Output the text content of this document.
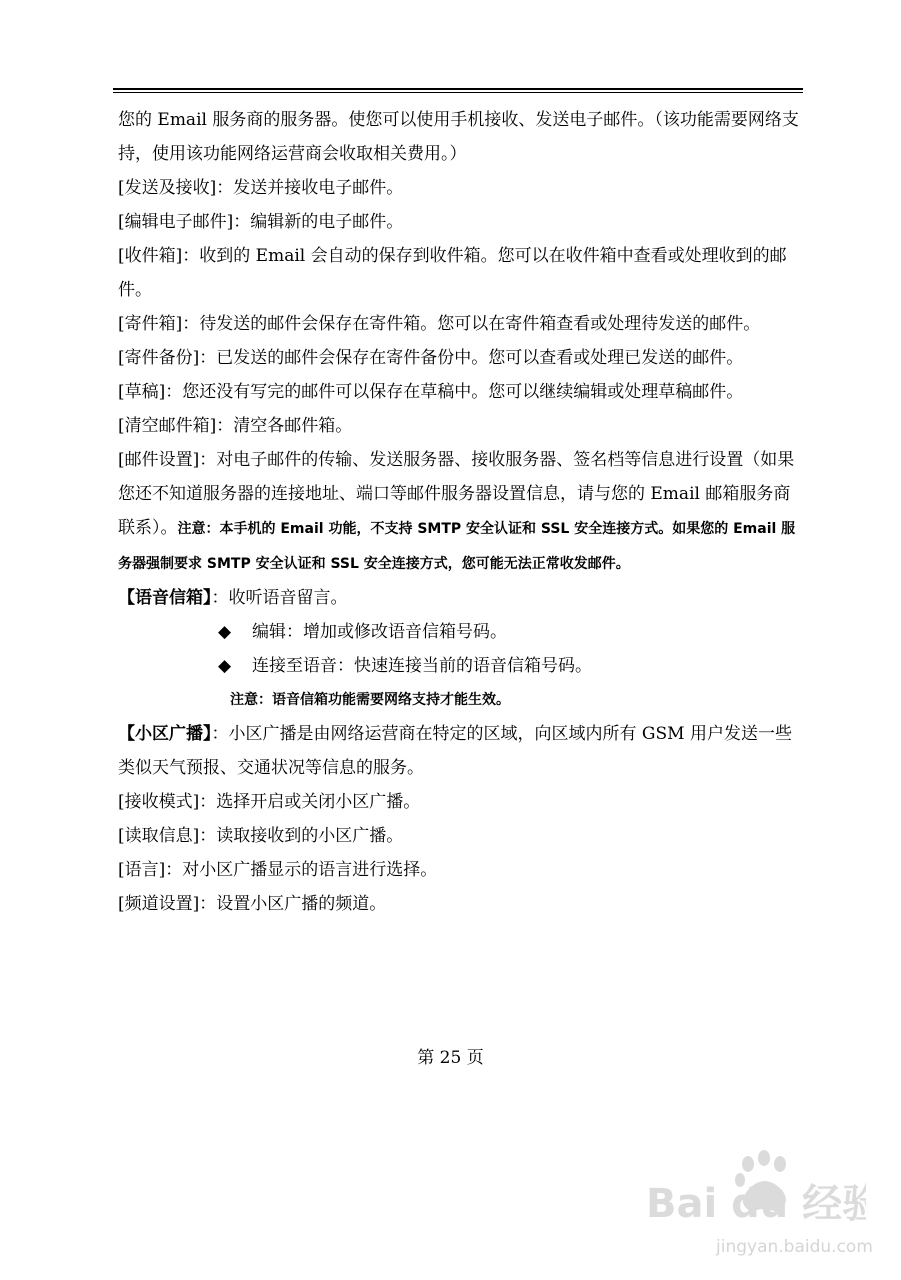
您的 Email 服务商的服务器。使您可以使用手机接收、发送电子邮件。（该功能需要网络支持，使用该功能网络运营商会收取相关费用。）

[发送及接收]：发送并接收电子邮件。

[编辑电子邮件]：编辑新的电子邮件。

[收件箱]：收到的 Email 会自动的保存到收件箱。您可以在收件箱中查看或处理收到的邮件。

[寄件箱]：待发送的邮件会保存在寄件箱。您可以在寄件箱查看或处理待发送的邮件。

[寄件备份]：已发送的邮件会保存在寄件备份中。您可以查看或处理已发送的邮件。

[草稿]：您还没有写完的邮件可以保存在草稿中。您可以继续编辑或处理草稿邮件。

[清空邮件箱]：清空各邮件箱。

[邮件设置]：对电子邮件的传输、发送服务器、接收服务器、签名档等信息进行设置（如果您还不知道服务器的连接地址、端口等邮件服务器设置信息，请与您的 Email 邮箱服务商联系）。注意：本手机的 Email 功能，不支持 SMTP 安全认证和 SSL 安全连接方式。如果您的 Email 服务器强制要求 SMTP 安全认证和 SSL 安全连接方式，您可能无法正常收发邮件。

【语音信箱】：收听语音留言。

◆ 编辑：增加或修改语音信箱号码。

◆ 连接至语音：快速连接当前的语音信箱号码。

注意：语音信箱功能需要网络支持才能生效。

【小区广播】：小区广播是由网络运营商在特定的区域，向区域内所有 GSM 用户发送一些类似天气预报、交通状况等信息的服务。

[接收模式]：选择开启或关闭小区广播。

[读取信息]：读取接收到的小区广播。

[语言]：对小区广播显示的语言进行选择。

[频道设置]：设置小区广播的频道。

第 25 页
Bai du 经验
jingyan.baidu.com
